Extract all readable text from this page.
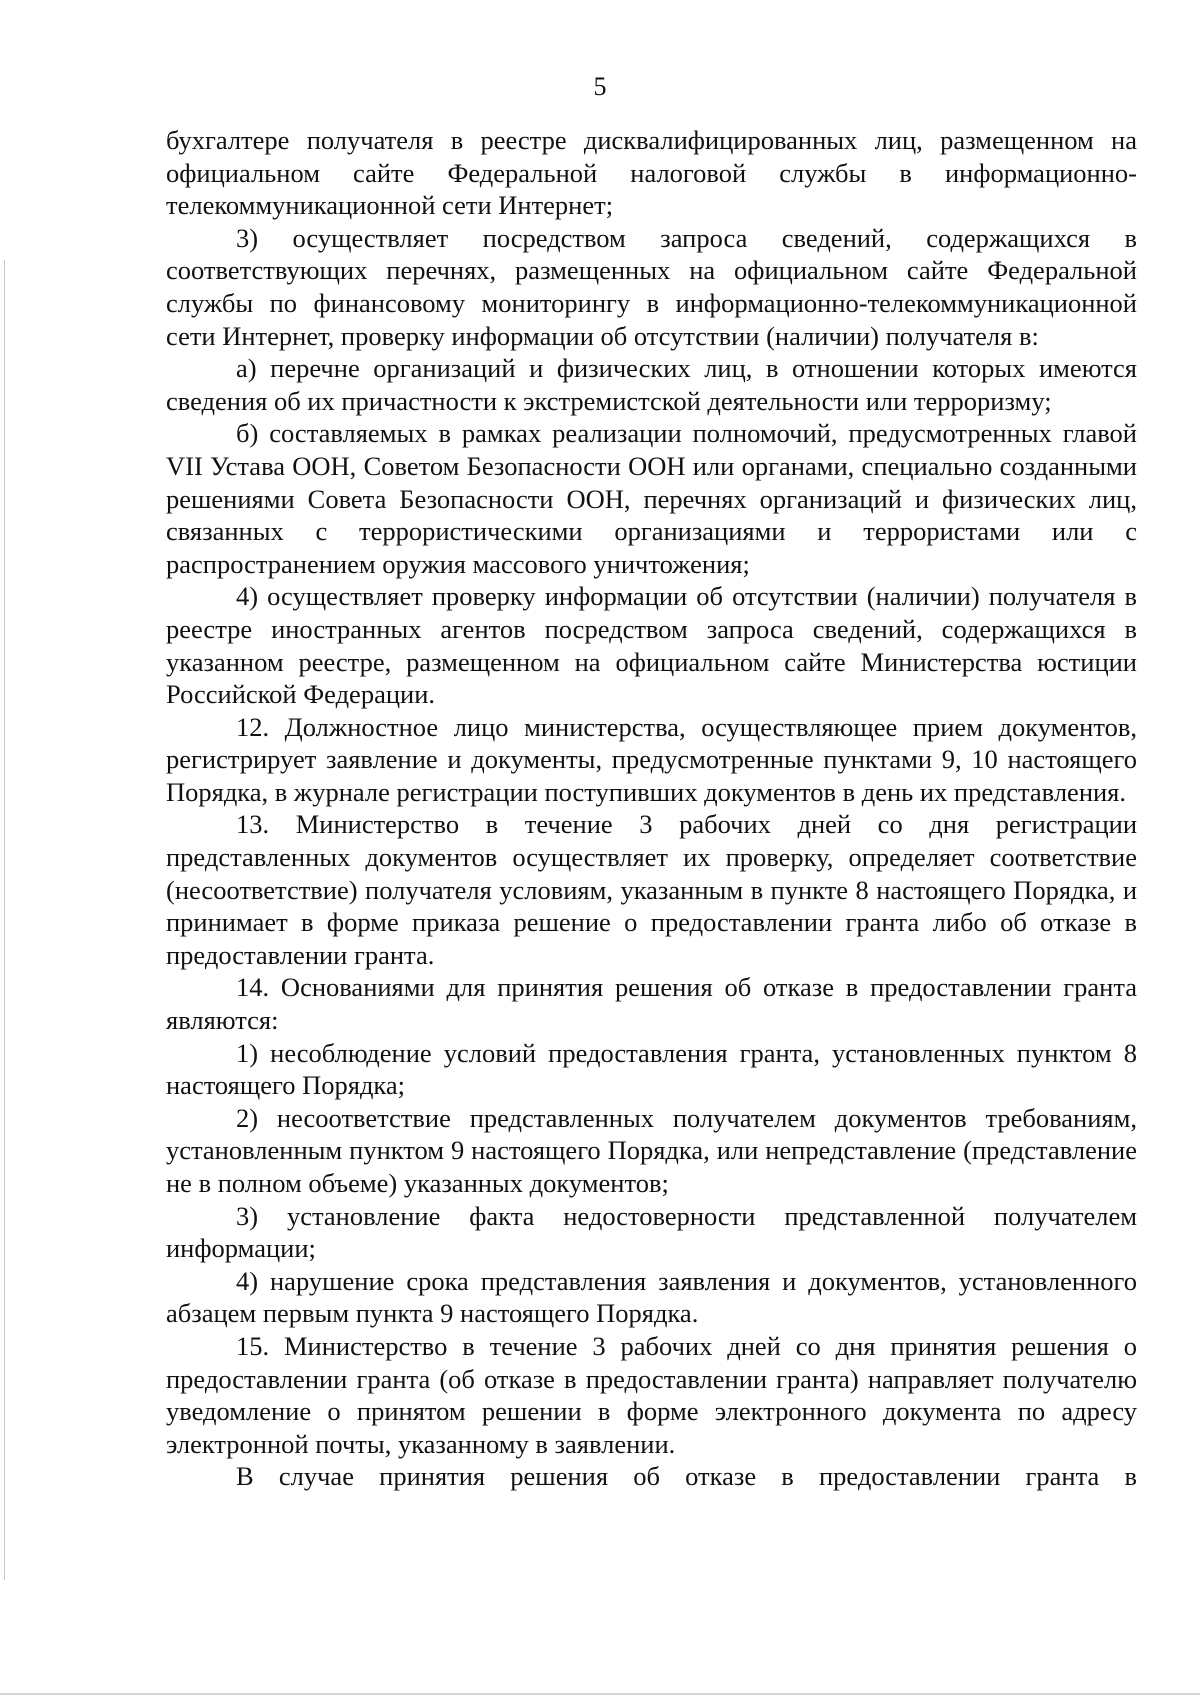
5

бухгалтере получателя в реестре дисквалифицированных лиц, размещенном на официальном сайте Федеральной налоговой службы в информационно-телекоммуникационной сети Интернет;

3) осуществляет посредством запроса сведений, содержащихся в соответствующих перечнях, размещенных на официальном сайте Федеральной службы по финансовому мониторингу в информационно-телекоммуникационной сети Интернет, проверку информации об отсутствии (наличии) получателя в:

а) перечне организаций и физических лиц, в отношении которых имеются сведения об их причастности к экстремистской деятельности или терроризму;

б) составляемых в рамках реализации полномочий, предусмотренных главой VII Устава ООН, Советом Безопасности ООН или органами, специально созданными решениями Совета Безопасности ООН, перечнях организаций и физических лиц, связанных с террористическими организациями и террористами или с распространением оружия массового уничтожения;

4) осуществляет проверку информации об отсутствии (наличии) получателя в реестре иностранных агентов посредством запроса сведений, содержащихся в указанном реестре, размещенном на официальном сайте Министерства юстиции Российской Федерации.

12. Должностное лицо министерства, осуществляющее прием документов, регистрирует заявление и документы, предусмотренные пунктами 9, 10 настоящего Порядка, в журнале регистрации поступивших документов в день их представления.

13. Министерство в течение 3 рабочих дней со дня регистрации представленных документов осуществляет их проверку, определяет соответствие (несоответствие) получателя условиям, указанным в пункте 8 настоящего Порядка, и принимает в форме приказа решение о предоставлении гранта либо об отказе в предоставлении гранта.

14. Основаниями для принятия решения об отказе в предоставлении гранта являются:

1) несоблюдение условий предоставления гранта, установленных пунктом 8 настоящего Порядка;

2) несоответствие представленных получателем документов требованиям, установленным пунктом 9 настоящего Порядка, или непредставление (представление не в полном объеме) указанных документов;

3) установление факта недостоверности представленной получателем информации;

4) нарушение срока представления заявления и документов, установленного абзацем первым пункта 9 настоящего Порядка.

15. Министерство в течение 3 рабочих дней со дня принятия решения о предоставлении гранта (об отказе в предоставлении гранта) направляет получателю уведомление о принятом решении в форме электронного документа по адресу электронной почты, указанному в заявлении.

В случае принятия решения об отказе в предоставлении гранта в
